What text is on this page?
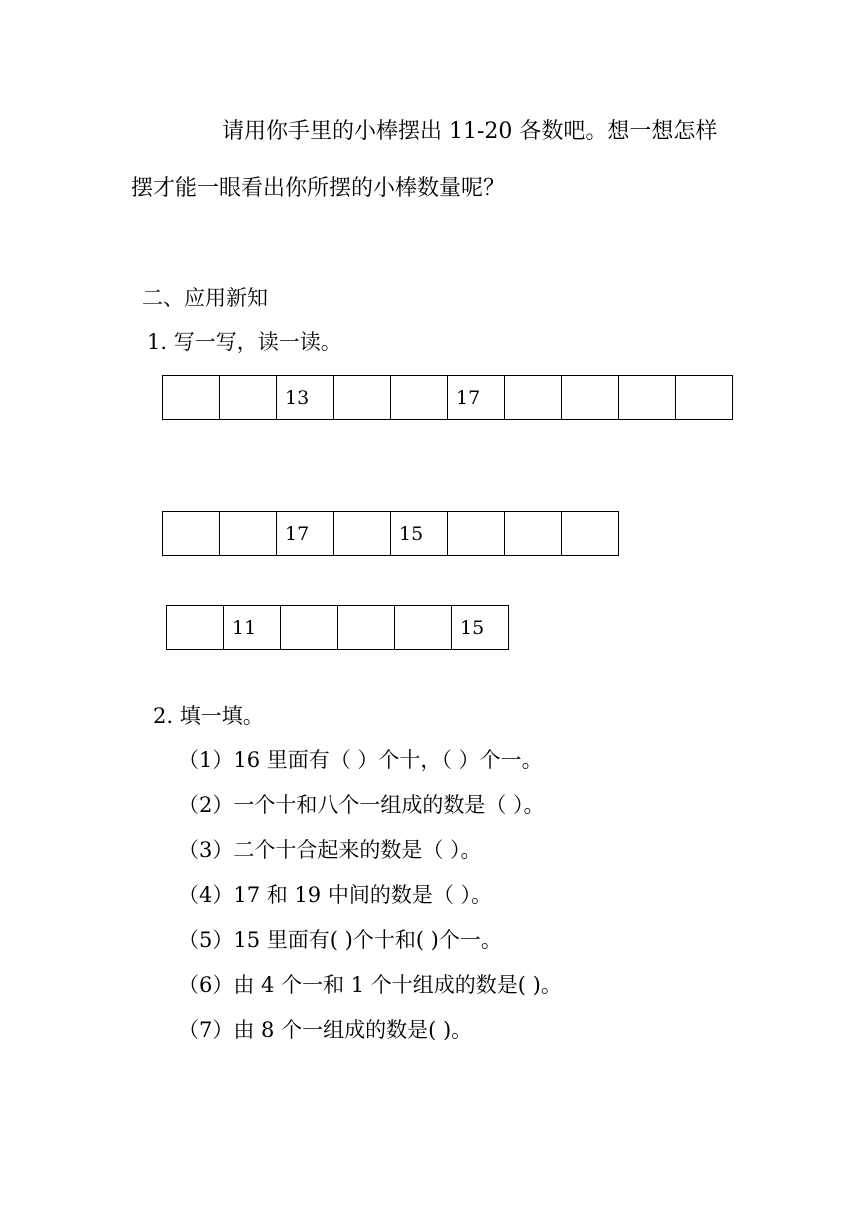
请用你手里的小棒摆出 11-20 各数吧。想一想怎样
摆才能一眼看出你所摆的小棒数量呢？
二、应用新知
1. 写一写，读一读。
		13			17				
		17		15			
	11				15
2. 填一填。
（1）16 里面有（ ）个十，（ ）个一。
（2）一个十和八个一组成的数是（ ）。
（3）二个十合起来的数是（ ）。
（4）17 和 19 中间的数是（ ）。
（5）15 里面有( )个十和( )个一。
（6）由 4 个一和 1 个十组成的数是( )。
（7）由 8 个一组成的数是( )。
